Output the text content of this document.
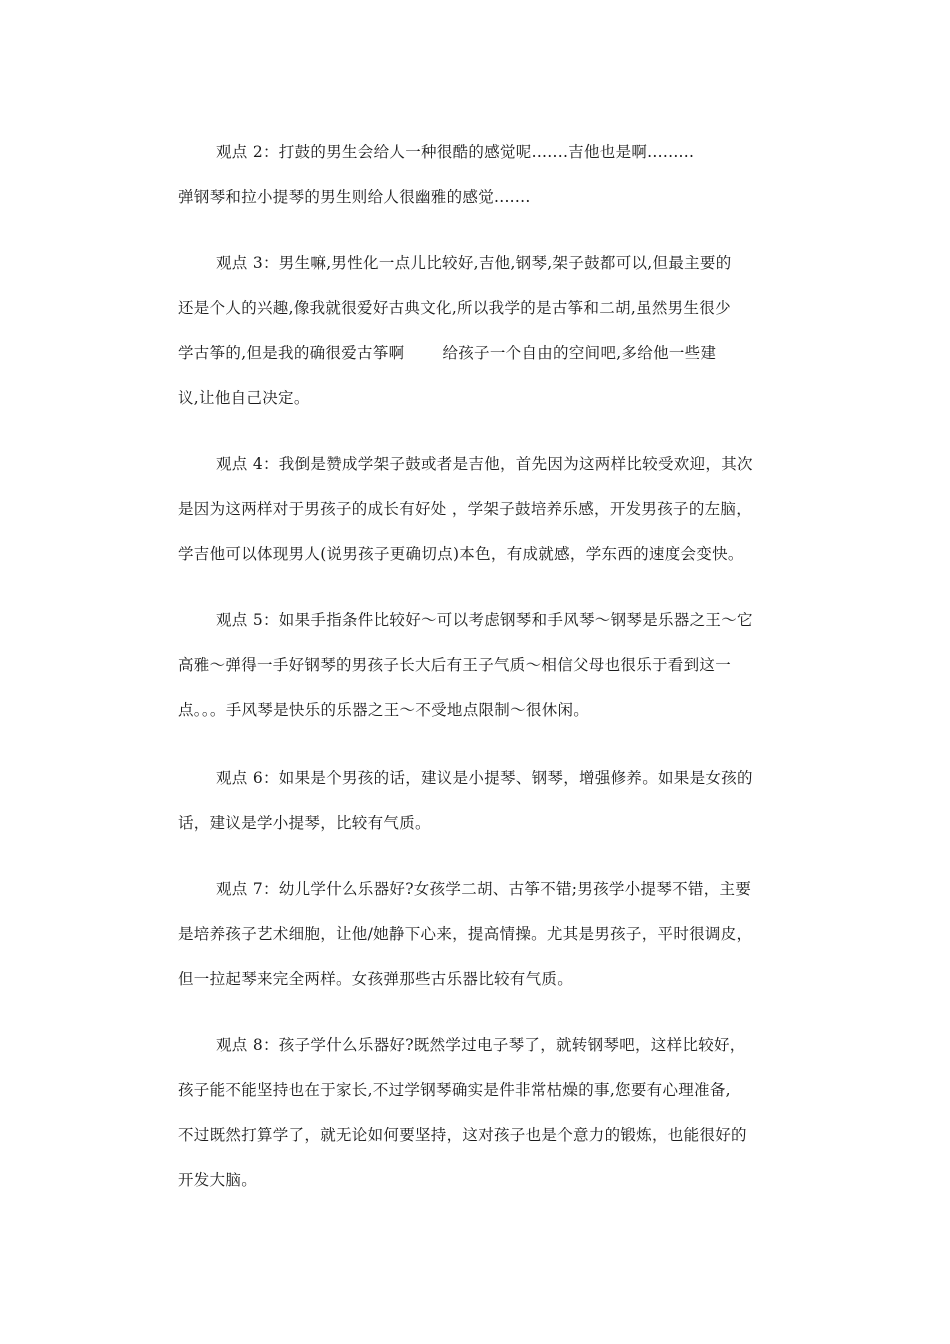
观点 2：打鼓的男生会给人一种很酷的感觉呢.......吉他也是啊.........
弹钢琴和拉小提琴的男生则给人很幽雅的感觉.......
观点 3：男生嘛,男性化一点儿比较好,吉他,钢琴,架子鼓都可以,但最主要的
还是个人的兴趣,像我就很爱好古典文化,所以我学的是古筝和二胡,虽然男生很少
学古筝的,但是我的确很爱古筝啊 给孩子一个自由的空间吧,多给他一些建
议,让他自己决定。
观点 4：我倒是赞成学架子鼓或者是吉他，首先因为这两样比较受欢迎，其次
是因为这两样对于男孩子的成长有好处 ，学架子鼓培养乐感，开发男孩子的左脑，
学吉他可以体现男人(说男孩子更确切点)本色，有成就感，学东西的速度会变快。
观点 5：如果手指条件比较好～可以考虑钢琴和手风琴～钢琴是乐器之王～它
高雅～弹得一手好钢琴的男孩子长大后有王子气质～相信父母也很乐于看到这一
点。。。手风琴是快乐的乐器之王～不受地点限制～很休闲。
观点 6：如果是个男孩的话，建议是小提琴、钢琴，增强修养。如果是女孩的
话，建议是学小提琴，比较有气质。
观点 7：幼儿学什么乐器好?女孩学二胡、古筝不错;男孩学小提琴不错，主要
是培养孩子艺术细胞，让他/她静下心来，提高情操。尤其是男孩子，平时很调皮，
但一拉起琴来完全两样。女孩弹那些古乐器比较有气质。
观点 8：孩子学什么乐器好?既然学过电子琴了，就转钢琴吧，这样比较好，
孩子能不能坚持也在于家长,不过学钢琴确实是件非常枯燥的事,您要有心理准备,
不过既然打算学了，就无论如何要坚持，这对孩子也是个意力的锻炼，也能很好的
开发大脑。
